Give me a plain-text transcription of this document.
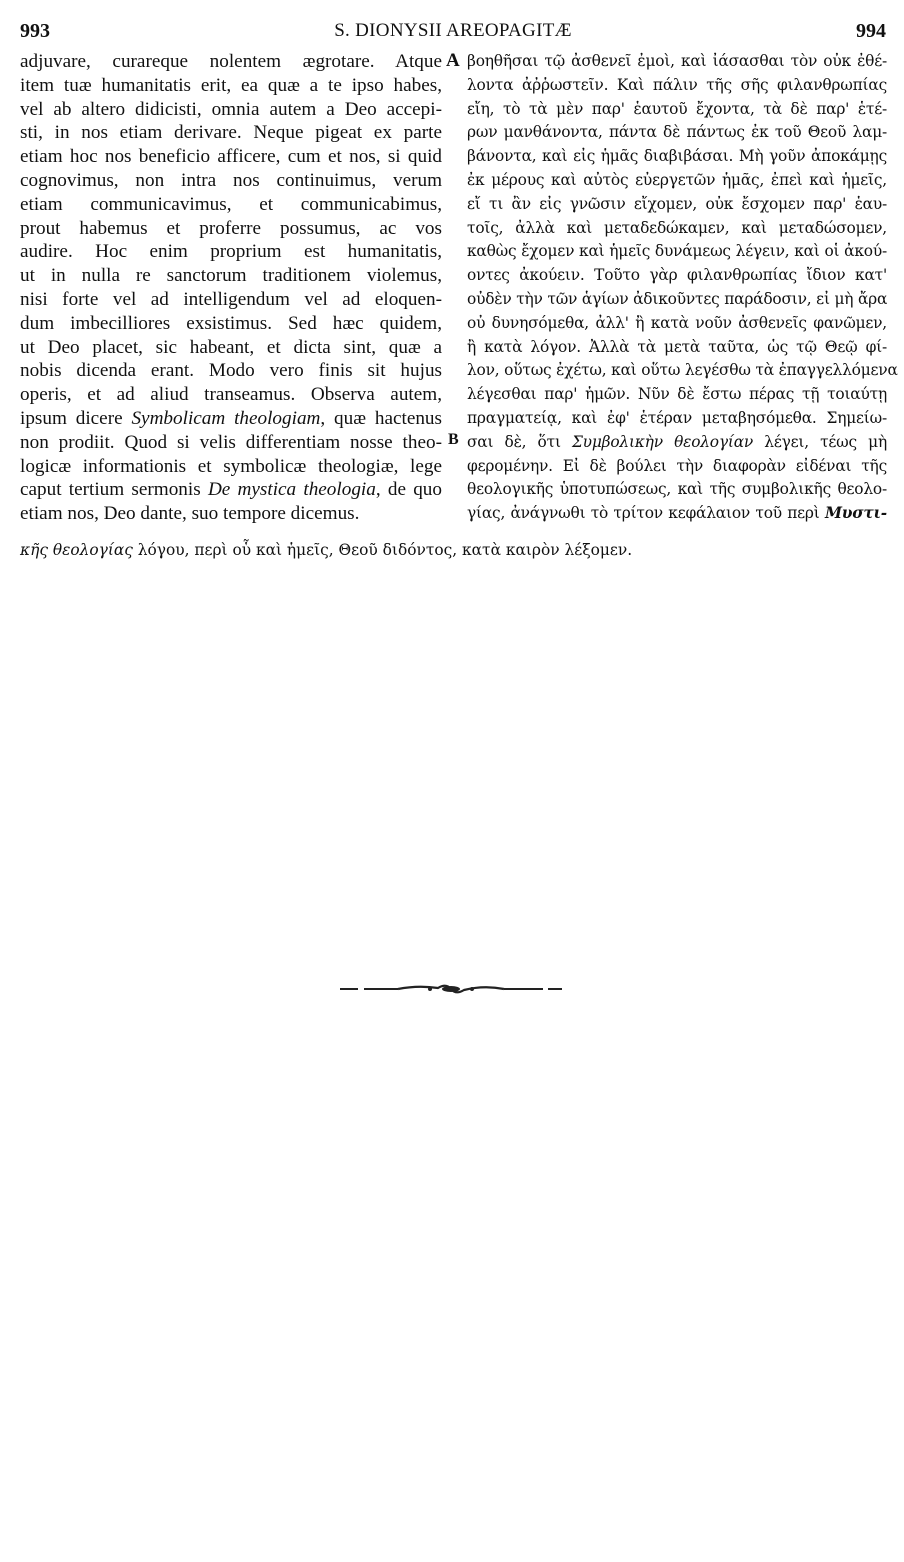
993	S. DIONYSII AREOPAGITÆ	994
A
B
adjuvare, curareque nolentem ægrotare. Atque
item tuæ humanitatis erit, ea quæ a te ipso habes,
vel ab altero didicisti, omnia autem a Deo accepi-
sti, in nos etiam derivare. Neque pigeat ex parte
etiam hoc nos beneficio afficere, cum et nos, si quid
cognovimus, non intra nos continuimus, verum
etiam communicavimus, et communicabimus,
prout habemus et proferre possumus, ac vos
audire. Hoc enim proprium est humanitatis,
ut in nulla re sanctorum traditionem violemus,
nisi forte vel ad intelligendum vel ad eloquen-
dum imbecilliores exsistimus. Sed hæc quidem,
ut Deo placet, sic habeant, et dicta sint, quæ a
nobis dicenda erant. Modo vero finis sit hujus
operis, et ad aliud transeamus. Observa autem,
ipsum dicere Symbolicam theologiam, quæ hactenus
non prodiit. Quod si velis differentiam nosse theo-
logicæ informationis et symbolicæ theologiæ, lege
caput tertium sermonis De mystica theologia, de quo
etiam nos, Deo dante, suo tempore dicemus.
βοηθῆσαι τῷ ἀσθενεῖ ἐμοὶ, καὶ ἰάσασθαι τὸν οὐκ ἐθέ-
λοντα ἀῤῥωστεῖν. Καὶ πάλιν τῆς σῆς φιλανθρωπίας
εἴη, τὸ τὰ μὲν παρ' ἑαυτοῦ ἔχοντα, τὰ δὲ παρ' ἑτέ-
ρων μανθάνοντα, πάντα δὲ πάντως ἐκ τοῦ Θεοῦ λαμ-
βάνοντα, καὶ εἰς ἡμᾶς διαβιβάσαι. Μὴ γοῦν ἀποκάμῃς
ἐκ μέρους καὶ αὐτὸς εὐεργετῶν ἡμᾶς, ἐπεὶ καὶ ἡμεῖς,
εἴ τι ἂν εἰς γνῶσιν εἴχομεν, οὐκ ἔσχομεν παρ' ἑαυ-
τοῖς, ἀλλὰ καὶ μεταδεδώκαμεν, καὶ μεταδώσομεν,
καθὼς ἔχομεν καὶ ἡμεῖς δυνάμεως λέγειν, καὶ οἱ ἀκού-
οντες ἀκούειν. Τοῦτο γὰρ φιλανθρωπίας ἴδιον κατ'
οὐδὲν τὴν τῶν ἁγίων ἀδικοῦντες παράδοσιν, εἰ μὴ ἄρα
οὐ δυνησόμεθα, ἀλλ' ἢ κατὰ νοῦν ἀσθενεῖς φανῶμεν,
ἢ κατὰ λόγον. Ἀλλὰ τὰ μετὰ ταῦτα, ὡς τῷ Θεῷ φί-
λον, οὕτως ἐχέτω, καὶ οὕτω λεγέσθω τὰ ἐπαγγελλόμενα
λέγεσθαι παρ' ἡμῶν. Νῦν δὲ ἔστω πέρας τῇ τοιαύτῃ
πραγματείᾳ, καὶ ἐφ' ἑτέραν μεταβησόμεθα. Σημείω-
σαι δὲ, ὅτι Συμβολικὴν θεολογίαν λέγει, τέως μὴ
φερομένην. Εἰ δὲ βούλει τὴν διαφορὰν εἰδέναι τῆς
θεολογικῆς ὑποτυπώσεως, καὶ τῆς συμβολικῆς θεολο-
γίας, ἀνάγνωθι τὸ τρίτον κεφάλαιον τοῦ περὶ Μυστι-
κῆς θεολογίας λόγου, περὶ οὗ καὶ ἡμεῖς, Θεοῦ διδόντος, κατὰ καιρὸν λέξομεν.
